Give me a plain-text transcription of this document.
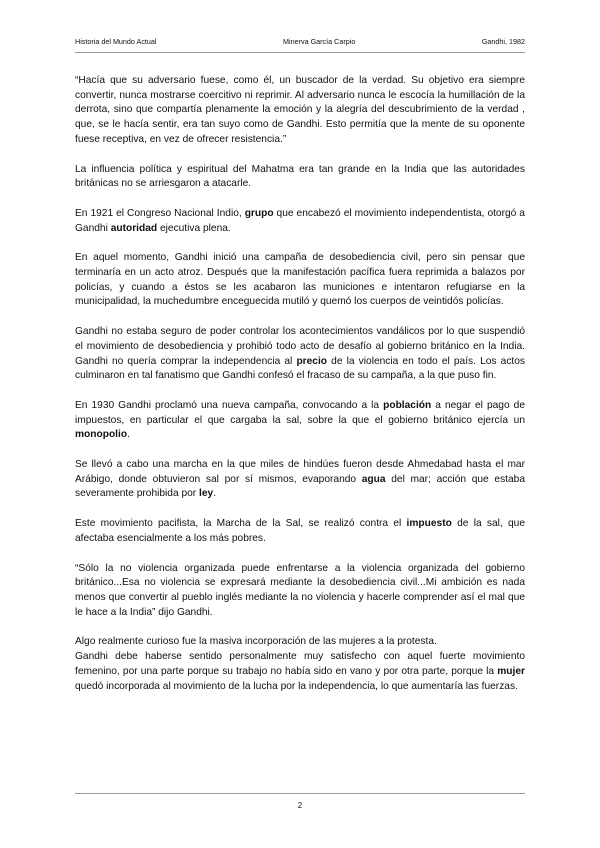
Historia del Mundo Actual	Minerva García Carpio	Gandhi, 1982

“Hacía que su adversario fuese, como él, un buscador de la verdad. Su objetivo era siempre convertir, nunca mostrarse coercitivo ni reprimir. Al adversario nunca le escocía la humillación de la derrota, sino que compartía plenamente la emoción y la alegría del descubrimiento de la verdad , que, se le hacía sentir, era tan suyo como de Gandhi. Esto permitía que la mente de su oponente fuese receptiva, en vez de ofrecer resistencia.”

La influencia política y espiritual del Mahatma era tan grande en la India que las autoridades británicas no se arriesgaron a atacarle.

En 1921 el Congreso Nacional Indio, grupo que encabezó el movimiento independentista, otorgó a Gandhi autoridad ejecutiva plena.

En aquel momento, Gandhi inició una campaña de desobediencia civil, pero sin pensar que terminaría en un acto atroz. Después que la manifestación pacífica fuera reprimida a balazos por policías, y cuando a éstos se les acabaron las municiones e intentaron refugiarse en la municipalidad, la muchedumbre enceguecida mutiló y quemó los cuerpos de veintidós policías.

Gandhi no estaba seguro de poder controlar los acontecimientos vandálicos por lo que suspendió el movimiento de desobediencia y prohibió todo acto de desafío al gobierno británico en la India. Gandhi no quería comprar la independencia al precio de la violencia en todo el país. Los actos culminaron en tal fanatismo que Gandhi confesó el fracaso de su campaña, a la que puso fin.

En 1930 Gandhi proclamó una nueva campaña, convocando a la población a negar el pago de impuestos, en particular el que cargaba la sal, sobre la que el gobierno británico ejercía un monopolio.

Se llevó a cabo una marcha en la que miles de hindúes fueron desde Ahmedabad hasta el mar Arábigo, donde obtuvieron sal por sí mismos, evaporando agua del mar; acción que estaba severamente prohibida por ley.

Este movimiento pacifista, la Marcha de la Sal, se realizó contra el impuesto de la sal, que afectaba esencialmente a los más pobres.

“Sólo la no violencia organizada puede enfrentarse a la violencia organizada del gobierno británico...Esa no violencia se expresará mediante la desobediencia civil...Mi ambición es nada menos que convertir al pueblo inglés mediante la no violencia y hacerle comprender así el mal que le hace a la India” dijo Gandhi.

Algo realmente curioso fue la masiva incorporación de las mujeres a la protesta.

Gandhi debe haberse sentido personalmente muy satisfecho con aquel fuerte movimiento femenino, por una parte porque su trabajo no había sido en vano y por otra parte, porque la mujer quedó incorporada al movimiento de la lucha por la independencia, lo que aumentaría las fuerzas.

2
